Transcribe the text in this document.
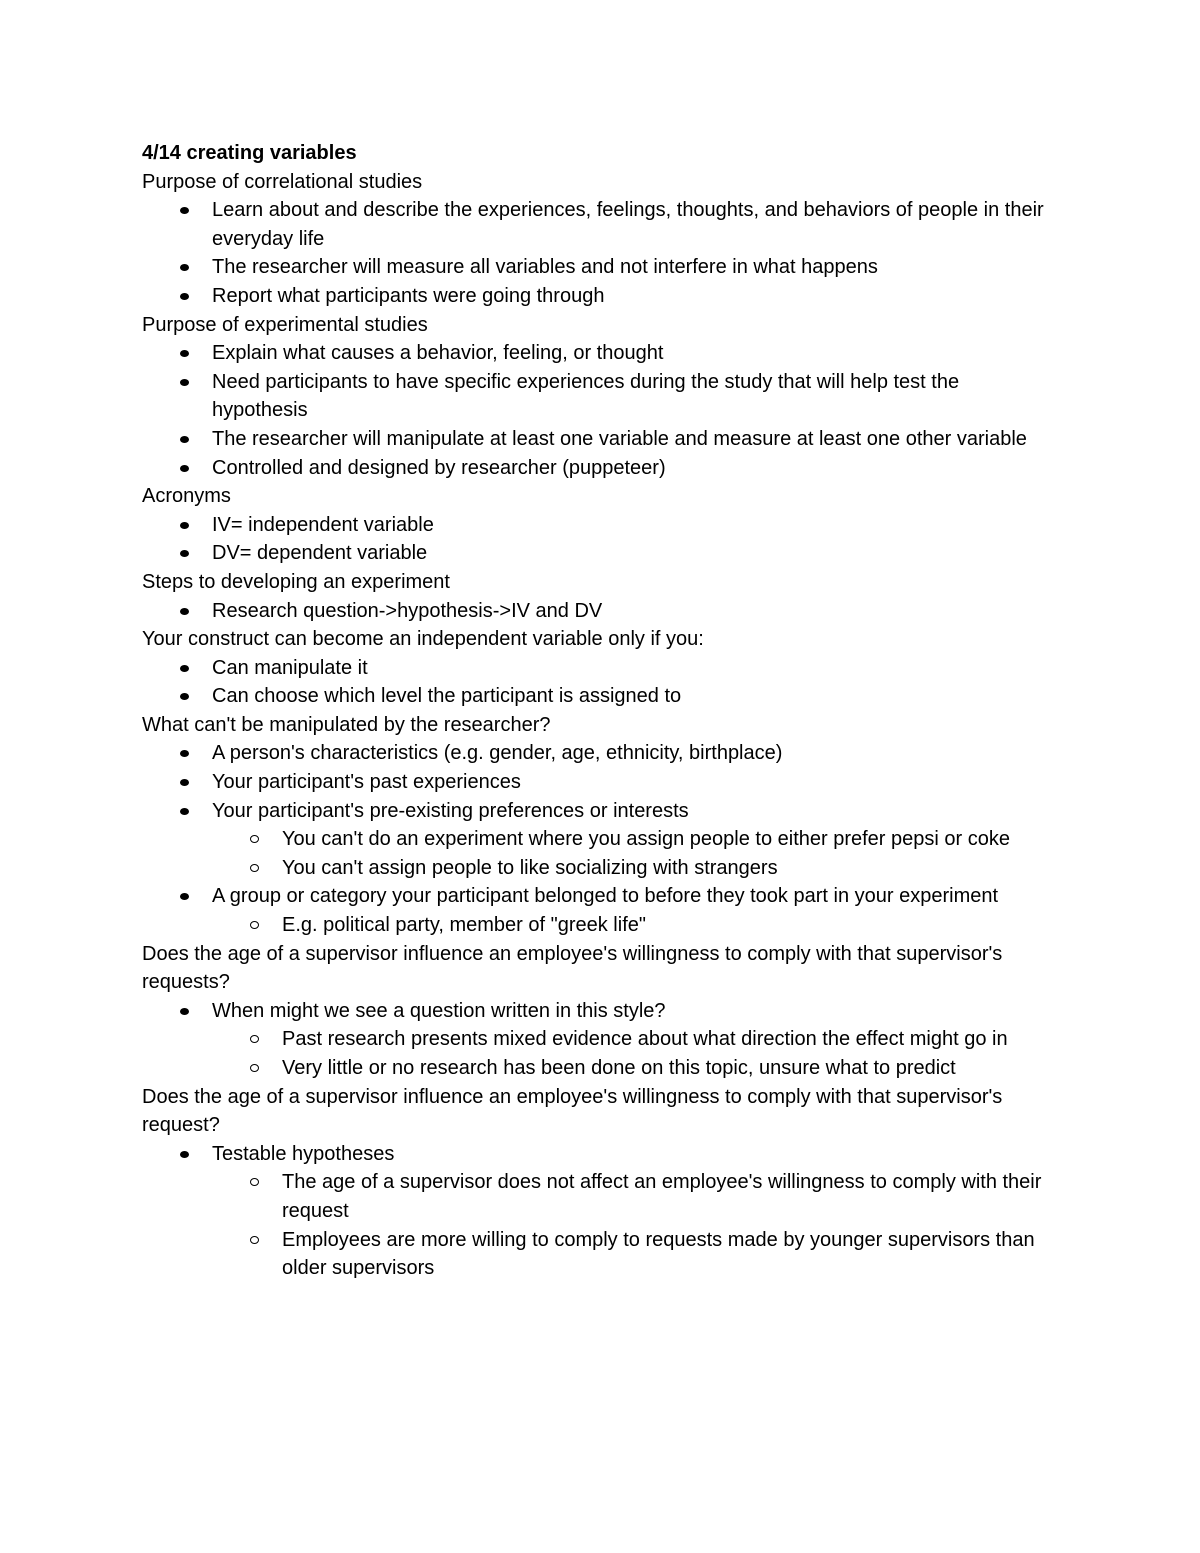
4/14 creating variables

Purpose of correlational studies

Learn about and describe the experiences, feelings, thoughts, and behaviors of people in their everyday life
The researcher will measure all variables and not interfere in what happens
Report what participants were going through

Purpose of experimental studies

Explain what causes a behavior, feeling, or thought
Need participants to have specific experiences during the study that will help test the hypothesis
The researcher will manipulate at least one variable and measure at least one other variable
Controlled and designed by researcher (puppeteer)

Acronyms

IV= independent variable
DV= dependent variable

Steps to developing an experiment

Research question->hypothesis->IV and DV

Your construct can become an independent variable only if you:

Can manipulate it
Can choose which level the participant is assigned to

What can't be manipulated by the researcher?

A person's characteristics (e.g. gender, age, ethnicity, birthplace)
Your participant's past experiences
Your participant's pre-existing preferences or interests
You can't do an experiment where you assign people to either prefer pepsi or coke
You can't assign people to like socializing with strangers
A group or category your participant belonged to before they took part in your experiment
E.g. political party, member of "greek life"

Does the age of a supervisor influence an employee's willingness to comply with that supervisor's requests?

When might we see a question written in this style?
Past research presents mixed evidence about what direction the effect might go in
Very little or no research has been done on this topic, unsure what to predict

Does the age of a supervisor influence an employee's willingness to comply with that supervisor's request?

Testable hypotheses
The age of a supervisor does not affect an employee's willingness to comply with their request
Employees are more willing to comply to requests made by younger supervisors than older supervisors
